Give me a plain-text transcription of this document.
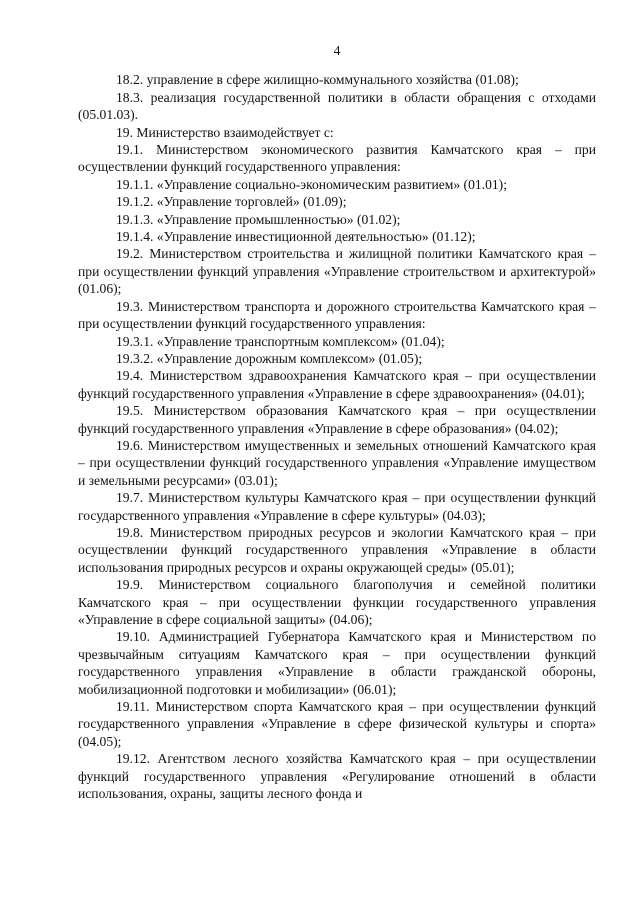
4

18.2. управление в сфере жилищно-коммунального хозяйства (01.08);

18.3. реализация государственной политики в области обращения с отходами (05.01.03).

19. Министерство взаимодействует с:

19.1. Министерством экономического развития Камчатского края – при осуществлении функций государственного управления:

19.1.1. «Управление социально-экономическим развитием» (01.01);

19.1.2. «Управление торговлей» (01.09);

19.1.3. «Управление промышленностью» (01.02);

19.1.4. «Управление инвестиционной деятельностью» (01.12);

19.2. Министерством строительства и жилищной политики Камчатского края – при осуществлении функций управления «Управление строительством и архитектурой» (01.06);

19.3. Министерством транспорта и дорожного строительства Камчатского края – при осуществлении функций государственного управления:

19.3.1. «Управление транспортным комплексом» (01.04);

19.3.2. «Управление дорожным комплексом» (01.05);

19.4. Министерством здравоохранения Камчатского края – при осуществлении функций государственного управления «Управление в сфере здравоохранения» (04.01);

19.5. Министерством образования Камчатского края – при осуществлении функций государственного управления «Управление в сфере образования» (04.02);

19.6. Министерством имущественных и земельных отношений Камчатского края – при осуществлении функций государственного управления «Управление имуществом и земельными ресурсами» (03.01);

19.7. Министерством культуры Камчатского края – при осуществлении функций государственного управления «Управление в сфере культуры» (04.03);

19.8. Министерством природных ресурсов и экологии Камчатского края – при осуществлении функций государственного управления «Управление в области использования природных ресурсов и охраны окружающей среды» (05.01);

19.9. Министерством социального благополучия и семейной политики Камчатского края – при осуществлении функции государственного управления «Управление в сфере социальной защиты» (04.06);

19.10. Администрацией Губернатора Камчатского края и Министерством по чрезвычайным ситуациям Камчатского края – при осуществлении функций государственного управления «Управление в области гражданской обороны, мобилизационной подготовки и мобилизации» (06.01);

19.11. Министерством спорта Камчатского края – при осуществлении функций государственного управления «Управление в сфере физической культуры и спорта» (04.05);

19.12. Агентством лесного хозяйства Камчатского края – при осуществлении функций государственного управления «Регулирование отношений в области использования, охраны, защиты лесного фонда и
